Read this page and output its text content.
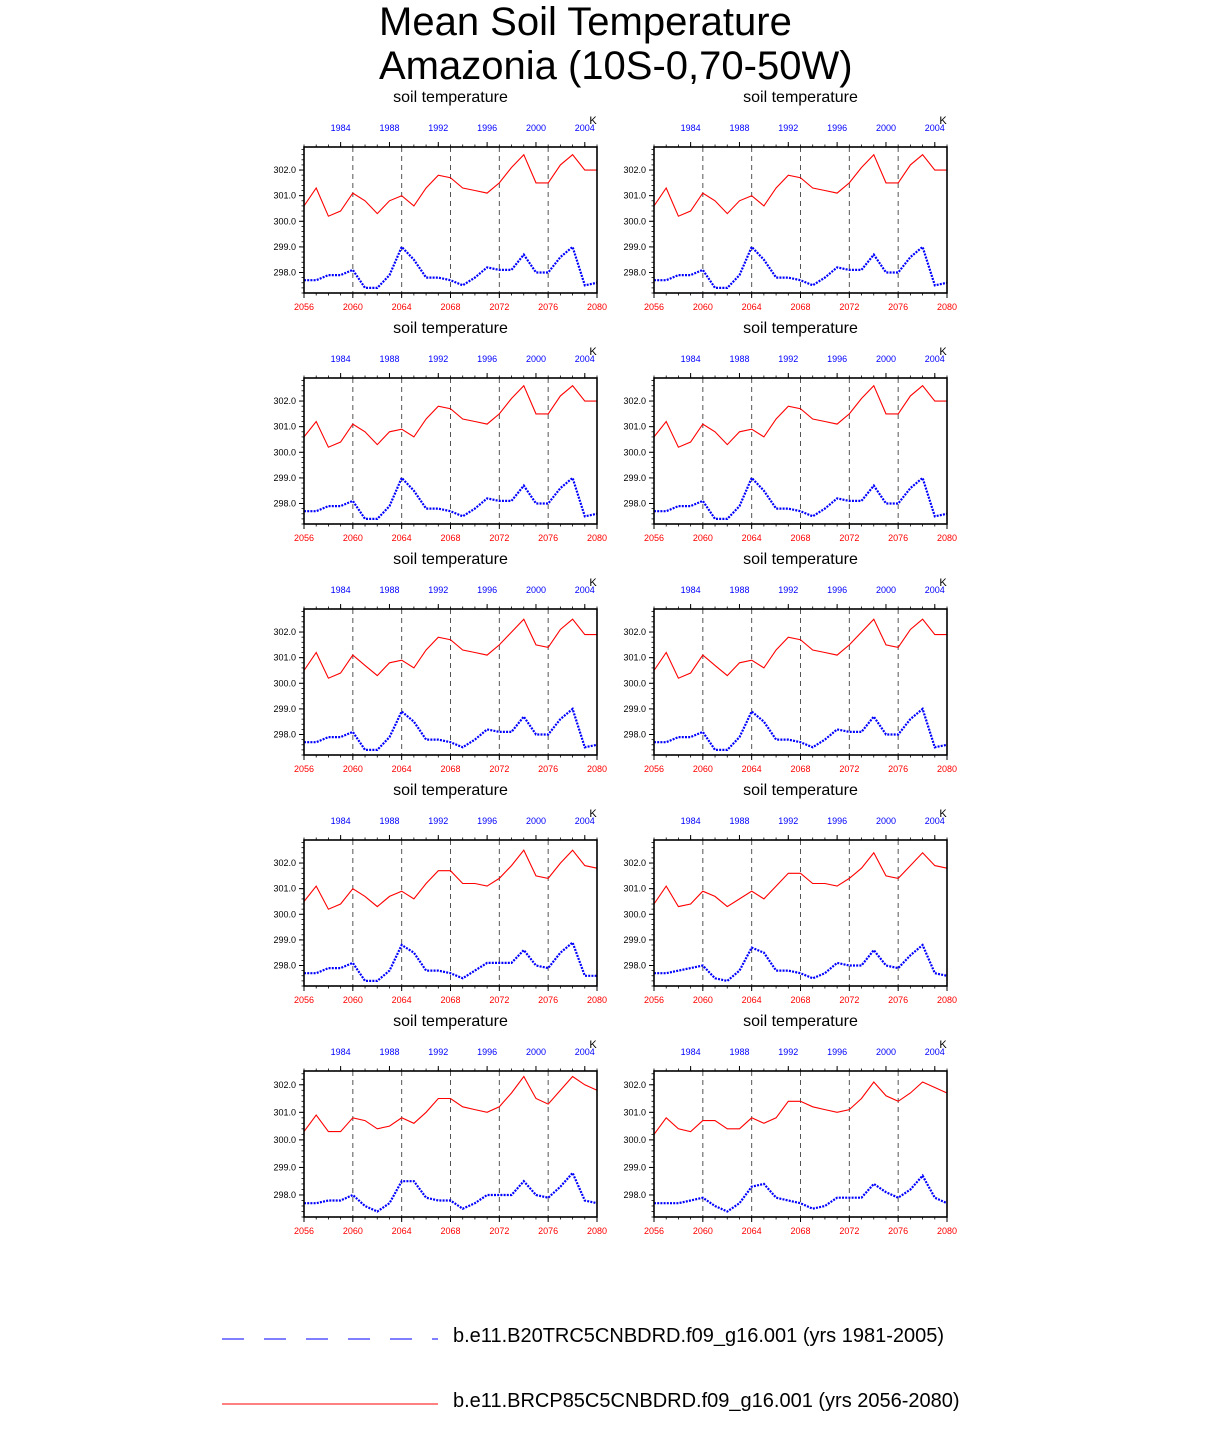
Mean Soil Temperature
Amazonia (10S-0,70-50W)
soil temperature
K
2056	2060	2064	2068	2072	2076	2080
1984	1988	1992	1996	2000	2004
298.0
299.0
300.0
301.0
302.0
soil temperature
K
2056	2060	2064	2068	2072	2076	2080
1984	1988	1992	1996	2000	2004
298.0
299.0
300.0
301.0
302.0
soil temperature
K
2056	2060	2064	2068	2072	2076	2080
1984	1988	1992	1996	2000	2004
298.0
299.0
300.0
301.0
302.0
soil temperature
K
2056	2060	2064	2068	2072	2076	2080
1984	1988	1992	1996	2000	2004
298.0
299.0
300.0
301.0
302.0
soil temperature
K
2056	2060	2064	2068	2072	2076	2080
1984	1988	1992	1996	2000	2004
298.0
299.0
300.0
301.0
302.0
soil temperature
K
2056	2060	2064	2068	2072	2076	2080
1984	1988	1992	1996	2000	2004
298.0
299.0
300.0
301.0
302.0
soil temperature
K
2056	2060	2064	2068	2072	2076	2080
1984	1988	1992	1996	2000	2004
298.0
299.0
300.0
301.0
302.0
soil temperature
K
2056	2060	2064	2068	2072	2076	2080
1984	1988	1992	1996	2000	2004
298.0
299.0
300.0
301.0
302.0
soil temperature
K
2056	2060	2064	2068	2072	2076	2080
1984	1988	1992	1996	2000	2004
298.0
299.0
300.0
301.0
302.0
soil temperature
K
2056	2060	2064	2068	2072	2076	2080
1984	1988	1992	1996	2000	2004
298.0
299.0
300.0
301.0
302.0
b.e11.B20TRC5CNBDRD.f09_g16.001 (yrs 1981-2005)
b.e11.BRCP85C5CNBDRD.f09_g16.001 (yrs 2056-2080)
